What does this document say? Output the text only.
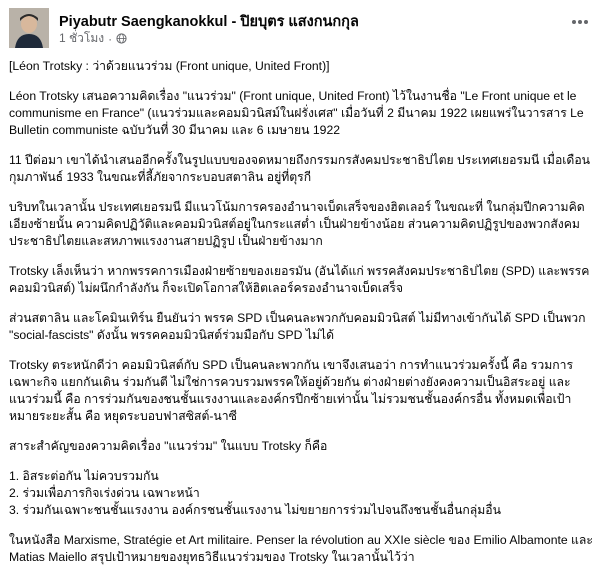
Piyabutr Saengkanokkul - ปิยบุตร แสงกนกกุล
1 ชั่วโมง ·

[Léon Trotsky : ว่าด้วยแนวร่วม (Front unique, United Front)]

Léon Trotsky เสนอความคิดเรื่อง "แนวร่วม" (Front unique, United Front) ไว้ในงานชื่อ "Le Front unique et le communisme en France" (แนวร่วมและคอมมิวนิสม์ในฝรั่งเศส" เมื่อวันที่ 2 มีนาคม 1922 เผยแพร่ในวารสาร Le Bulletin communiste ฉบับวันที่ 30 มีนาคม และ 6 เมษายน 1922

11 ปีต่อมา เขาได้นำเสนออีกครั้งในรูปแบบของจดหมายถึงกรรมกรสังคมประชาธิปไตย ประเทศเยอรมนี เมื่อเดือนกุมภาพันธ์ 1933 ในขณะที่ลี้ภัยจากระบอบสตาลิน อยู่ที่ตุรกี

บริบทในเวลานั้น ประเทศเยอรมนี มีแนวโน้มการครองอำนาจเบ็ดเสร็จของฮิตเลอร์ ในขณะที่ ในกลุ่มปีกความคิดเอียงซ้ายนั้น ความคิดปฏิวัติและคอมมิวนิสต์อยู่ในกระแสต่ำ เป็นฝ่ายข้างน้อย ส่วนความคิดปฏิรูปของพวกสังคมประชาธิปไตยและสหภาพแรงงานสายปฏิรูป เป็นฝ่ายข้างมาก

Trotsky เล็งเห็นว่า หากพรรคการเมืองฝ่ายซ้ายของเยอรมัน (อันได้แก่ พรรคสังคมประชาธิปไตย (SPD) และพรรคคอมมิวนิสต์) ไม่ผนึกกำลังกัน ก็จะเปิดโอกาสให้ฮิตเลอร์ครองอำนาจเบ็ดเสร็จ

ส่วนสตาลิน และโคมินเทิร์น ยืนยันว่า พรรค SPD เป็นคนละพวกกับคอมมิวนิสต์ ไม่มีทางเข้ากันได้ SPD เป็นพวก "social-fascists" ดังนั้น พรรคคอมมิวนิสต์ร่วมมือกับ SPD ไม่ได้

Trotsky ตระหนักดีว่า คอมมิวนิสต์กับ SPD เป็นคนละพวกกัน เขาจึงเสนอว่า การทำแนวร่วมครั้งนี้ คือ รวมการเฉพาะกิจ แยกกันเดิน ร่วมกันตี ไม่ใช่การควบรวมพรรคให้อยู่ด้วยกัน ต่างฝ่ายต่างยังคงความเป็นอิสระอยู่ และแนวร่วมนี้ คือ การร่วมกันของชนชั้นแรงงานและองค์กรปีกซ้ายเท่านั้น ไม่รวมชนชั้นองค์กรอื่น ทั้งหมดเพื่อเป้าหมายระยะสั้น คือ หยุดระบอบฟาสซิสต์-นาซี

สาระสำคัญของความคิดเรื่อง "แนวร่วม" ในแบบ Trotsky ก็คือ

1. อิสระต่อกัน ไม่ควบรวมกัน

2. ร่วมเพื่อภารกิจเร่งด่วน เฉพาะหน้า

3. ร่วมกันเฉพาะชนชั้นแรงงาน องค์กรชนชั้นแรงงาน ไม่ขยายการร่วมไปจนถึงชนชั้นอื่นกลุ่มอื่น

ในหนังสือ Marxisme, Stratégie et Art militaire. Penser la révolution au XXIe siècle ของ Emilio Albamonte และ Matias Maiello สรุปเป้าหมายของยุทธวิธีแนวร่วมของ Trotsky ในเวลานั้นไว้ว่า
